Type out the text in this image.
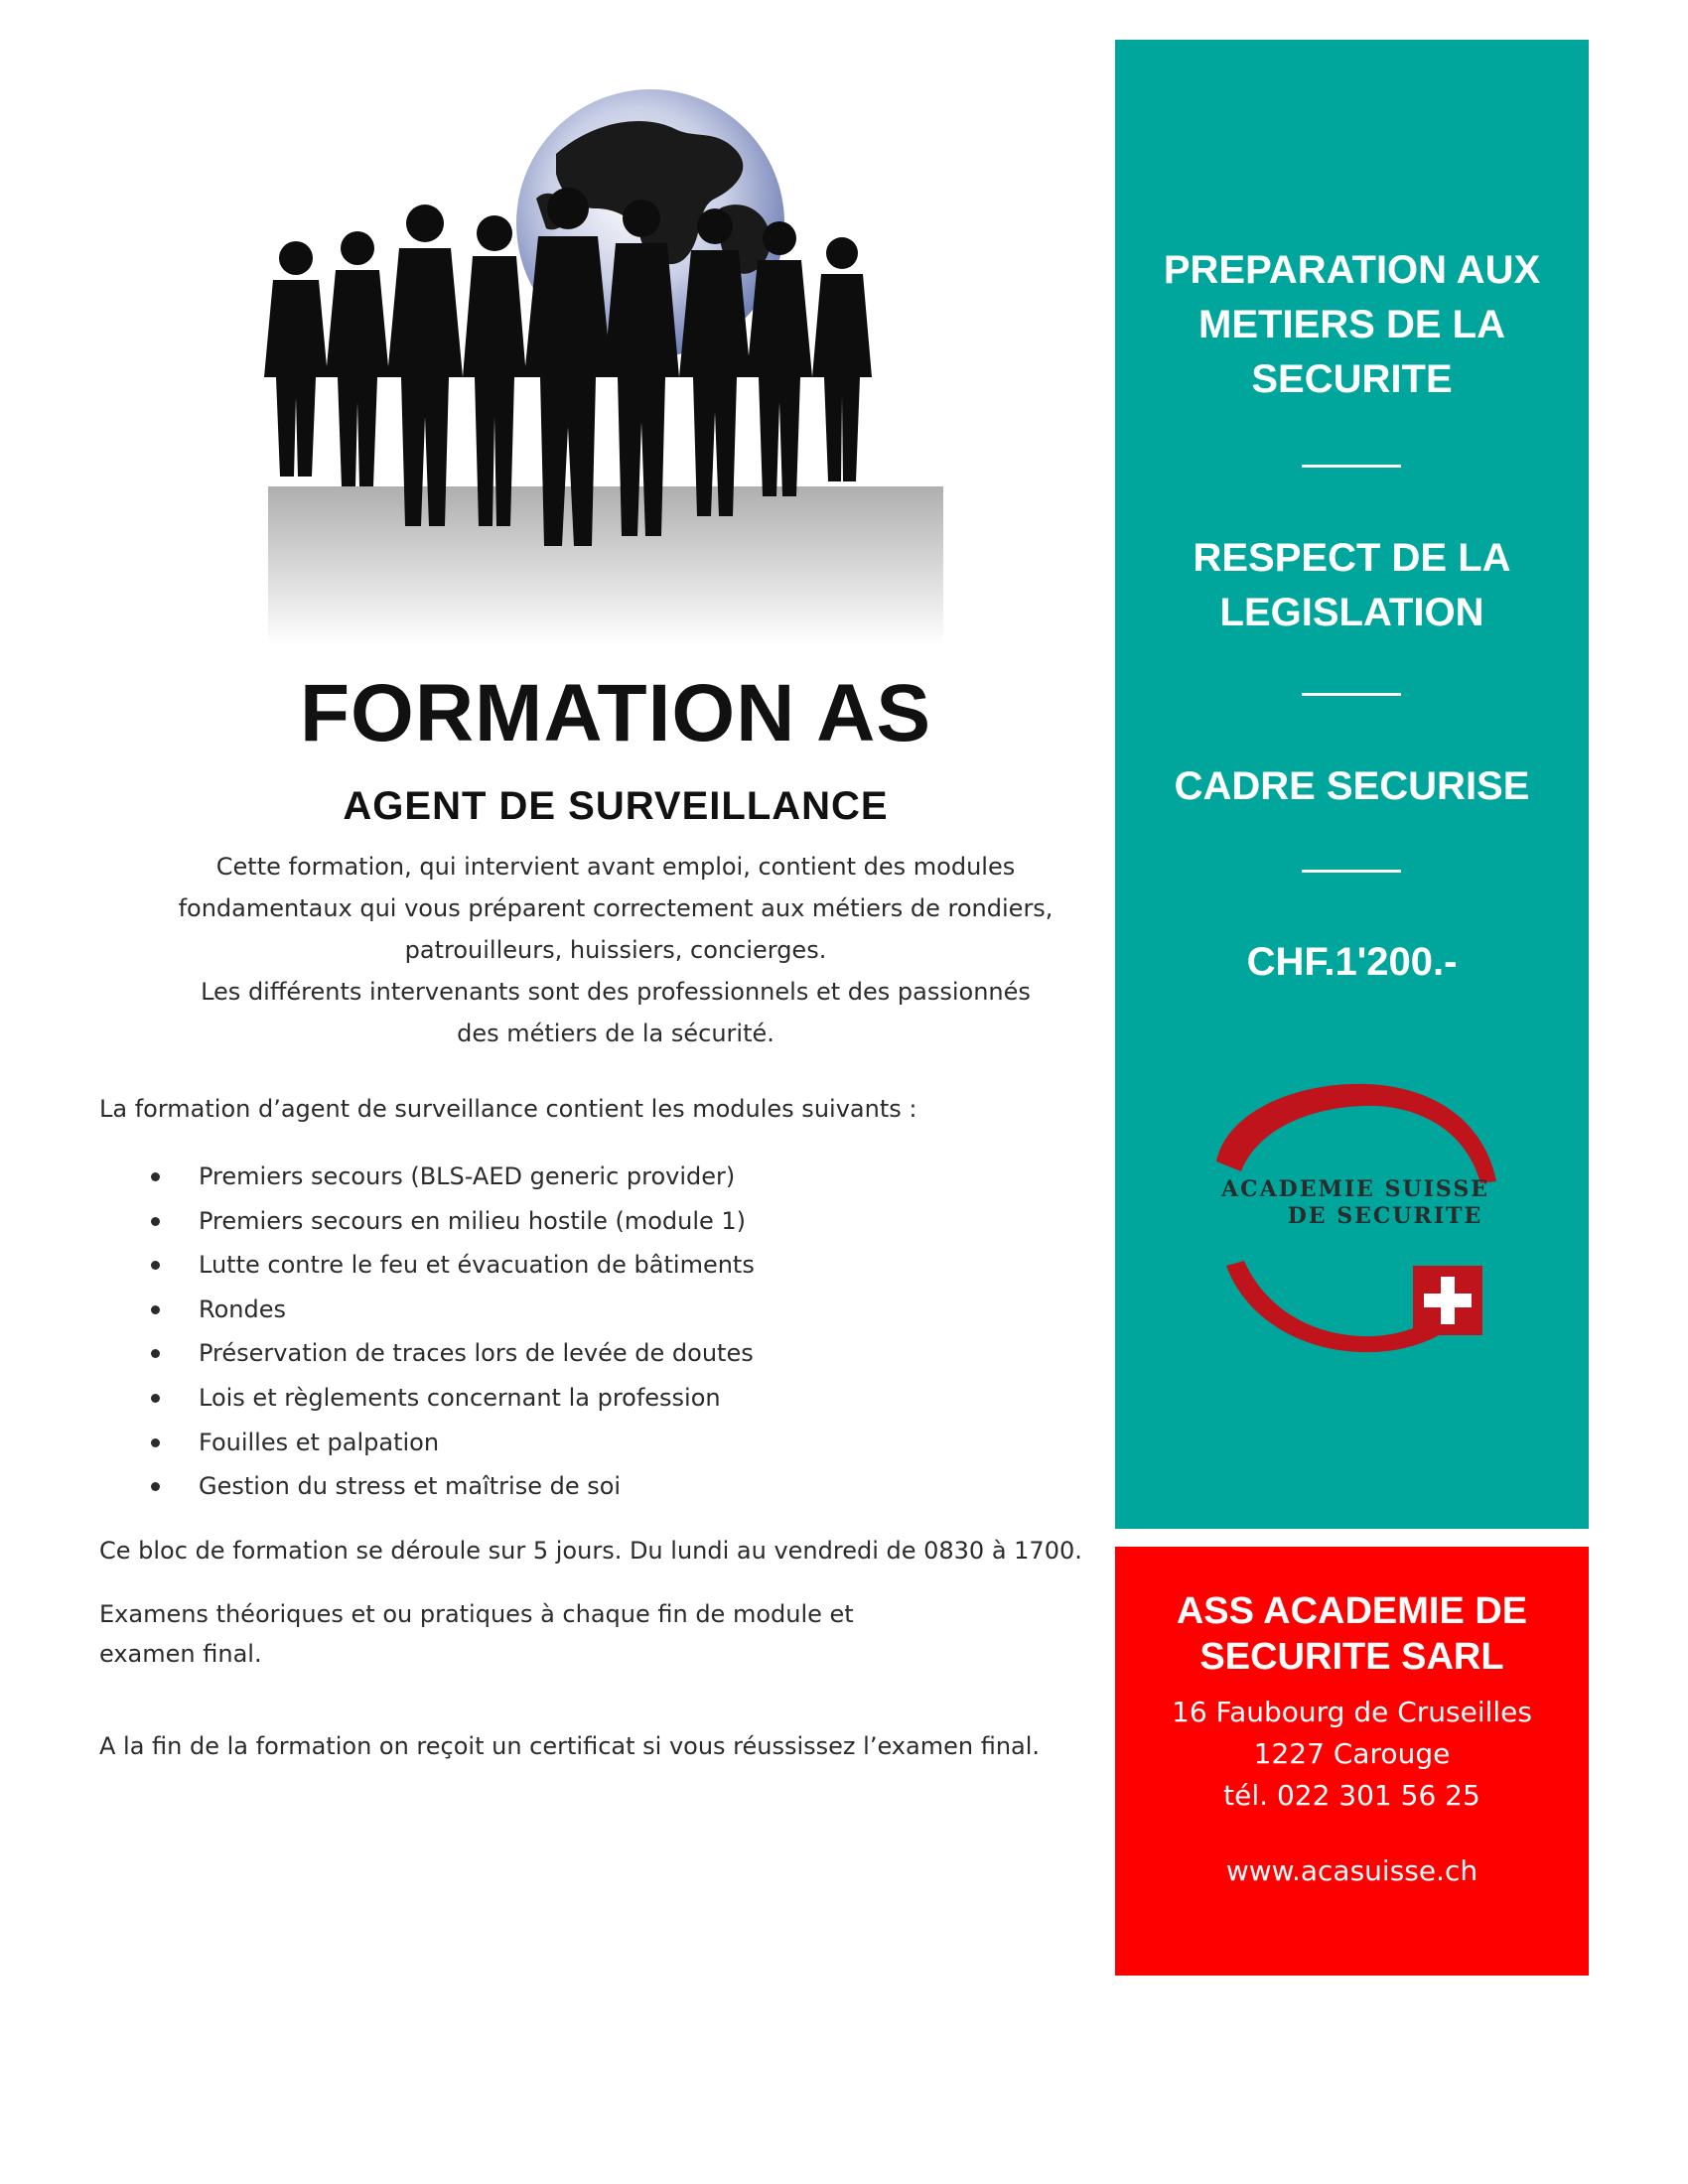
FORMATION AS
AGENT DE SURVEILLANCE

Cette formation, qui intervient avant emploi, contient des modules

fondamentaux qui vous préparent correctement aux métiers de rondiers,

patrouilleurs, huissiers, concierges.

Les différents intervenants sont des professionnels et des passionnés

des métiers de la sécurité.

La formation d’agent de surveillance contient les modules suivants :

Premiers secours (BLS-AED generic provider)
Premiers secours en milieu hostile (module 1)
Lutte contre le feu et évacuation de bâtiments
Rondes
Préservation de traces lors de levée de doutes
Lois et règlements concernant la profession
Fouilles et palpation
Gestion du stress et maîtrise de soi

Ce bloc de formation se déroule sur 5 jours. Du lundi au vendredi de 0830 à 1700.

Examens théoriques et ou pratiques à chaque fin de module et

examen final.

A la fin de la formation on reçoit un certificat si vous réussissez l’examen final.

PREPARATION AUX

METIERS DE LA

SECURITE

RESPECT DE LA

LEGISLATION

CADRE SECURISE

CHF.1'200.-

ACADEMIE SUISSE
DE SECURITE

ASS ACADEMIE DE
SECURITE SARL

16 Faubourg de Cruseilles
1227 Carouge
tél. 022 301 56 25
www.acasuisse.ch
